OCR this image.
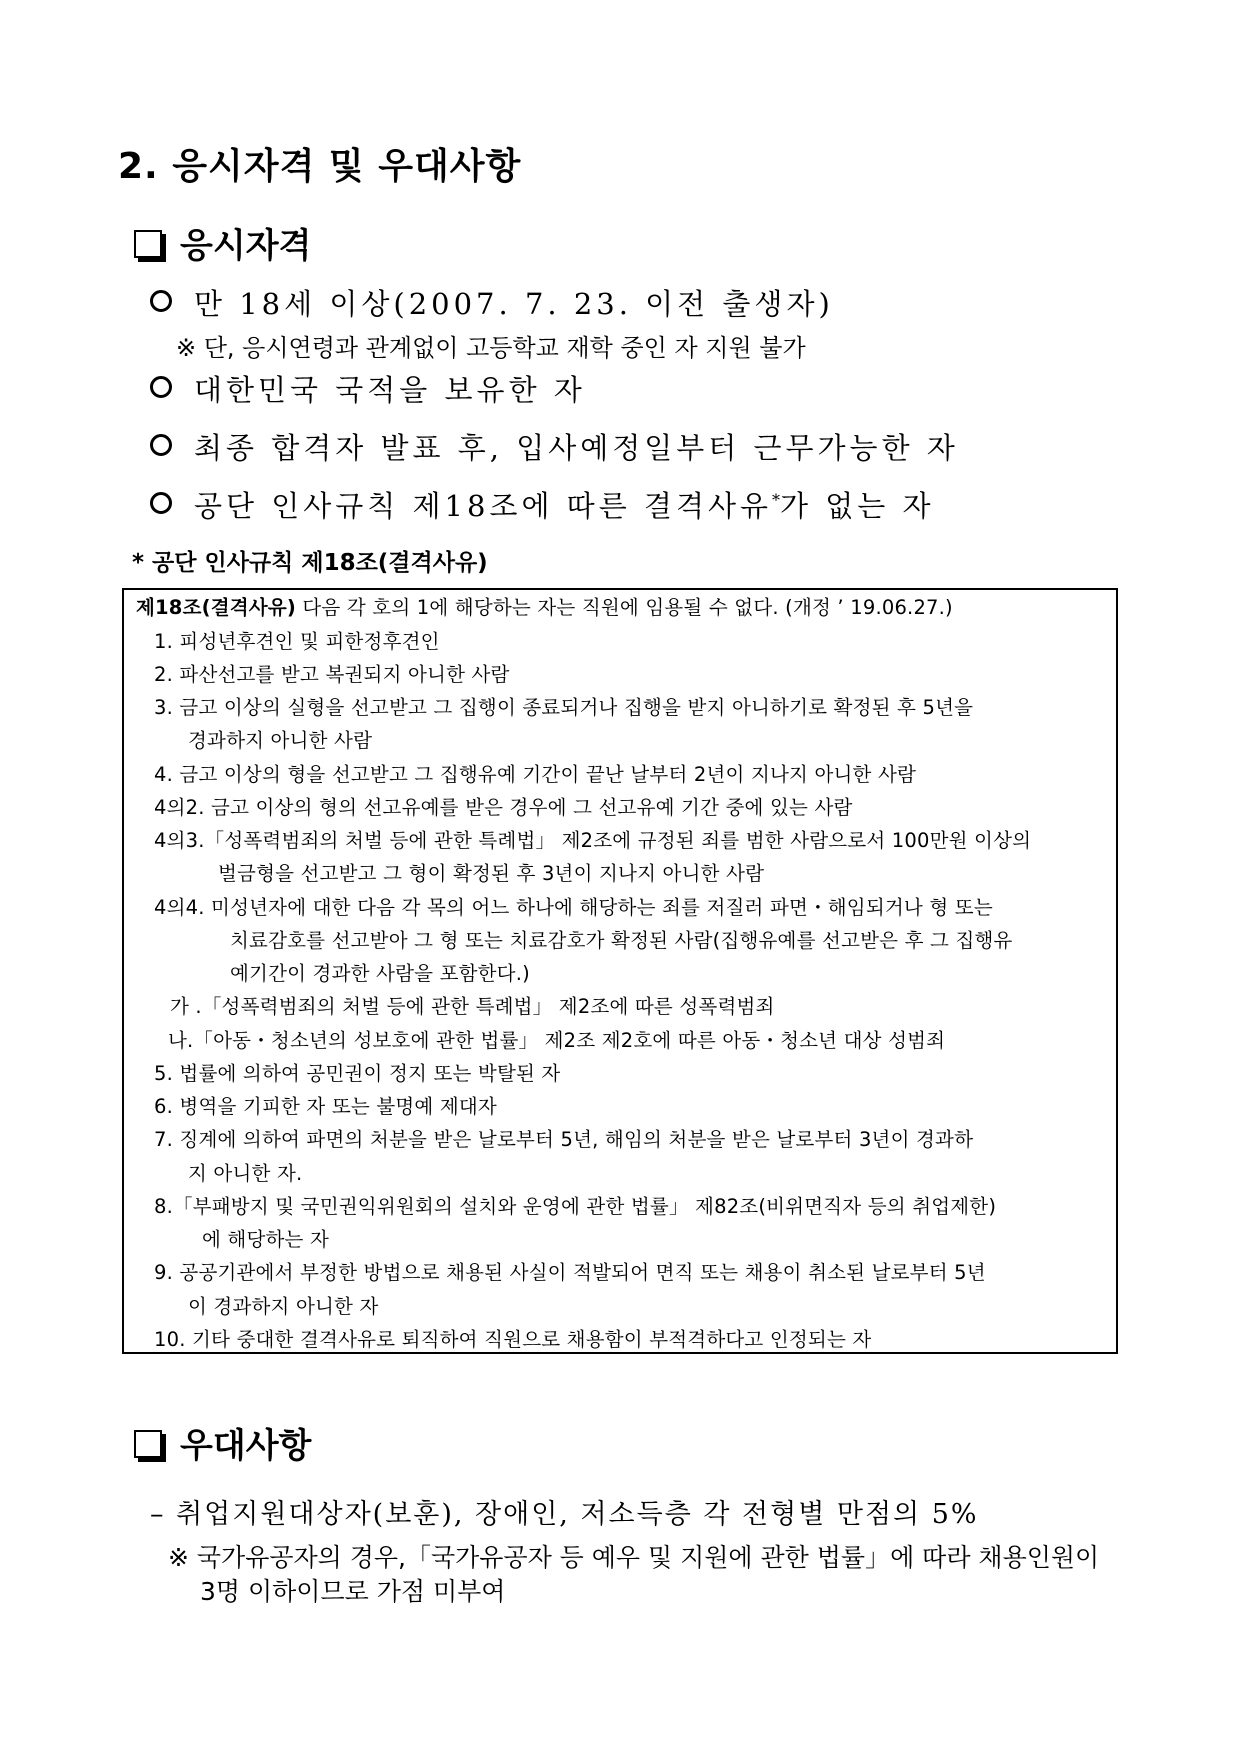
2. 응시자격 및 우대사항
응시자격
만 18세 이상(2007. 7. 23. 이전 출생자)
※ 단, 응시연령과 관계없이 고등학교 재학 중인 자 지원 불가
대한민국 국적을 보유한 자
최종 합격자 발표 후, 입사예정일부터 근무가능한 자
공단 인사규칙 제18조에 따른 결격사유*가 없는 자
* 공단 인사규칙 제18조(결격사유)
제18조(결격사유) 다음 각 호의 1에 해당하는 자는 직원에 임용될 수 없다. (개정 ’ 19.06.27.)
1. 피성년후견인 및 피한정후견인
2. 파산선고를 받고 복권되지 아니한 사람
3. 금고 이상의 실형을 선고받고 그 집행이 종료되거나 집행을 받지 아니하기로 확정된 후 5년을
경과하지 아니한 사람
4. 금고 이상의 형을 선고받고 그 집행유예 기간이 끝난 날부터 2년이 지나지 아니한 사람
4의2. 금고 이상의 형의 선고유예를 받은 경우에 그 선고유예 기간 중에 있는 사람
4의3.「성폭력범죄의 처벌 등에 관한 특례법」 제2조에 규정된 죄를 범한 사람으로서 100만원 이상의
벌금형을 선고받고 그 형이 확정된 후 3년이 지나지 아니한 사람
4의4. 미성년자에 대한 다음 각 목의 어느 하나에 해당하는 죄를 저질러 파면・해임되거나 형 또는
치료감호를 선고받아 그 형 또는 치료감호가 확정된 사람(집행유예를 선고받은 후 그 집행유
예기간이 경과한 사람을 포함한다.)
가 .「성폭력범죄의 처벌 등에 관한 특례법」 제2조에 따른 성폭력범죄
나.「아동・청소년의 성보호에 관한 법률」 제2조 제2호에 따른 아동・청소년 대상 성범죄
5. 법률에 의하여 공민권이 정지 또는 박탈된 자
6. 병역을 기피한 자 또는 불명예 제대자
7. 징계에 의하여 파면의 처분을 받은 날로부터 5년, 해임의 처분을 받은 날로부터 3년이 경과하
지 아니한 자.
8.「부패방지 및 국민권익위원회의 설치와 운영에 관한 법률」 제82조(비위면직자 등의 취업제한)
에 해당하는 자
9. 공공기관에서 부정한 방법으로 채용된 사실이 적발되어 면직 또는 채용이 취소된 날로부터 5년
이 경과하지 아니한 자
10. 기타 중대한 결격사유로 퇴직하여 직원으로 채용함이 부적격하다고 인정되는 자
우대사항
– 취업지원대상자(보훈), 장애인, 저소득층 각 전형별 만점의 5%
※ 국가유공자의 경우,「국가유공자 등 예우 및 지원에 관한 법률」에 따라 채용인원이
3명 이하이므로 가점 미부여
